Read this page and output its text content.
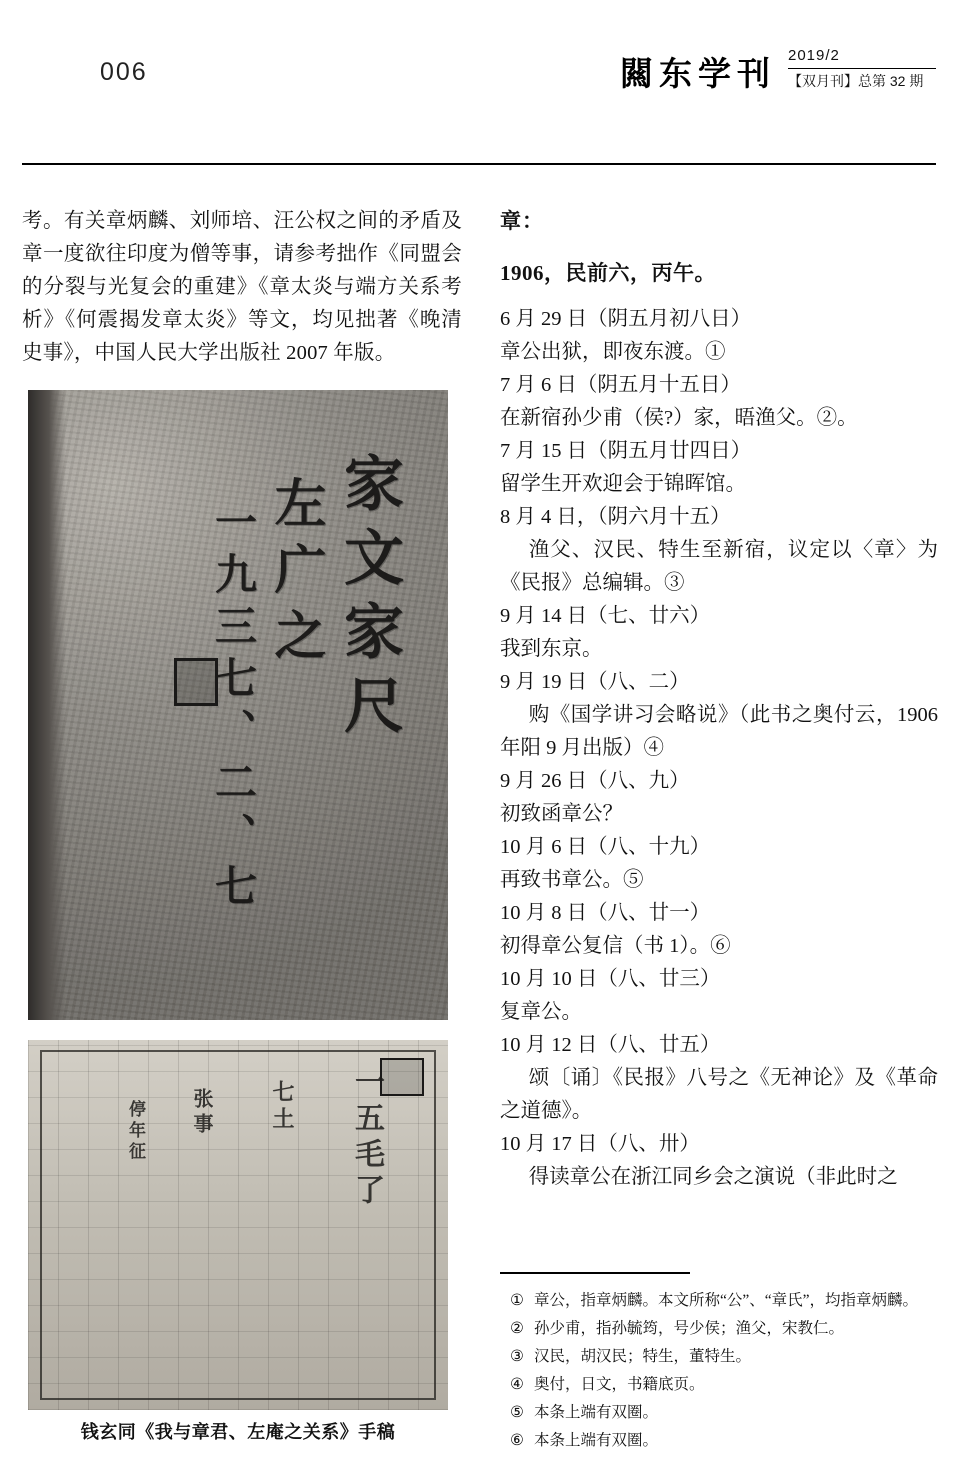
006	闗东学刊
2019/2
【双月刊】总第 32 期

考。有关章炳麟、刘师培、汪公权之间的矛盾及章一度欲往印度为僧等事，请参考拙作《同盟会的分裂与光复会的重建》《章太炎与端方关系考析》《何震揭发章太炎》等文，均见拙著《晚清史事》，中国人民大学出版社 2007 年版。

家文家尺
左广之
一九三七、二、七
一五毛了
七土
张事
停年征
钱玄同《我与章君、左庵之关系》手稿

章：

1906，民前六，丙午。

6 月 29 日（阴五月初八日）

章公出狱，即夜东渡。①

7 月 6 日（阴五月十五日）

在新宿孙少甫（侯?）家，晤渔父。②。

7 月 15 日（阴五月廿四日）

留学生开欢迎会于锦晖馆。

8 月 4 日，（阴六月十五）

渔父、汉民、特生至新宿，议定以〈章〉为《民报》总编辑。③

9 月 14 日（七、廿六）

我到东京。

9 月 19 日（八、二）

购《国学讲习会略说》（此书之奥付云，1906 年阳 9 月出版）④

9 月 26 日（八、九）

初致函章公？

10 月 6 日（八、十九）

再致书章公。⑤

10 月 8 日（八、廿一）

初得章公复信（书 1）。⑥

10 月 10 日（八、廿三）

复章公。

10 月 12 日（八、廿五）

颂〔诵〕《民报》八号之《无神论》及《革命之道德》。

10 月 17 日（八、卅）

得读章公在浙江同乡会之演说（非此时之

① 章公，指章炳麟。本文所称“公”、“章氏”，均指章炳麟。
② 孙少甫，指孙毓筠，号少侯；渔父，宋教仁。
③ 汉民，胡汉民；特生，董特生。
④ 奥付，日文，书籍底页。
⑤ 本条上端有双圈。
⑥ 本条上端有双圈。
